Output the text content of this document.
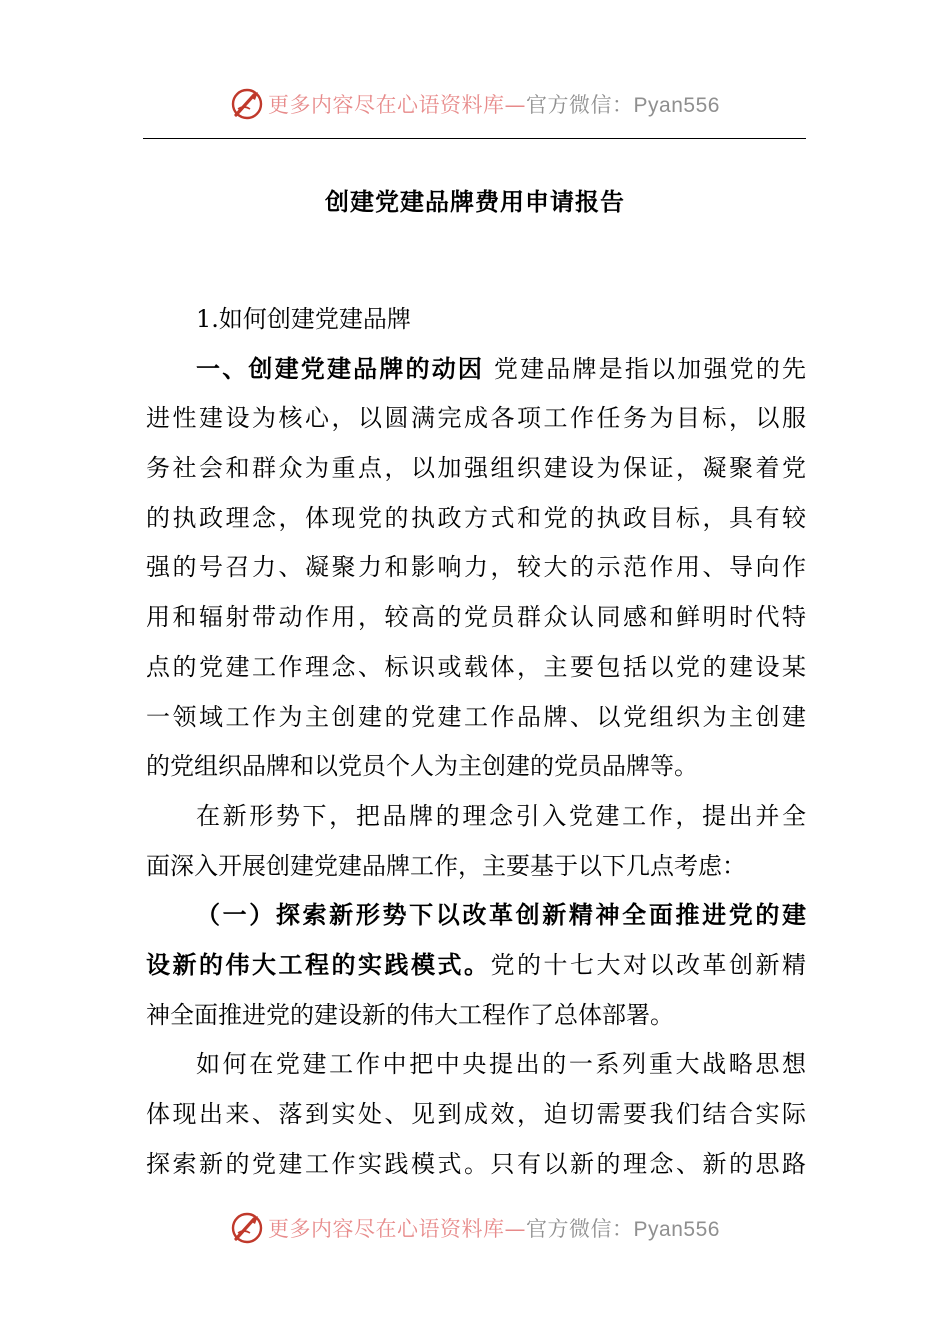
更多内容尽在心语资料库—官方微信：Pyan556
创建党建品牌费用申请报告
1.如何创建党建品牌
一、创建党建品牌的动因 党建品牌是指以加强党的先
进性建设为核心，以圆满完成各项工作任务为目标，以服
务社会和群众为重点，以加强组织建设为保证，凝聚着党
的执政理念，体现党的执政方式和党的执政目标，具有较
强的号召力、凝聚力和影响力，较大的示范作用、导向作
用和辐射带动作用，较高的党员群众认同感和鲜明时代特
点的党建工作理念、标识或载体，主要包括以党的建设某
一领域工作为主创建的党建工作品牌、以党组织为主创建
的党组织品牌和以党员个人为主创建的党员品牌等。
在新形势下，把品牌的理念引入党建工作，提出并全
面深入开展创建党建品牌工作，主要基于以下几点考虑：
（一）探索新形势下以改革创新精神全面推进党的建
设新的伟大工程的实践模式。党的十七大对以改革创新精
神全面推进党的建设新的伟大工程作了总体部署。
如何在党建工作中把中央提出的一系列重大战略思想
体现出来、落到实处、见到成效，迫切需要我们结合实际
探索新的党建工作实践模式。只有以新的理念、新的思路
更多内容尽在心语资料库—官方微信：Pyan556
